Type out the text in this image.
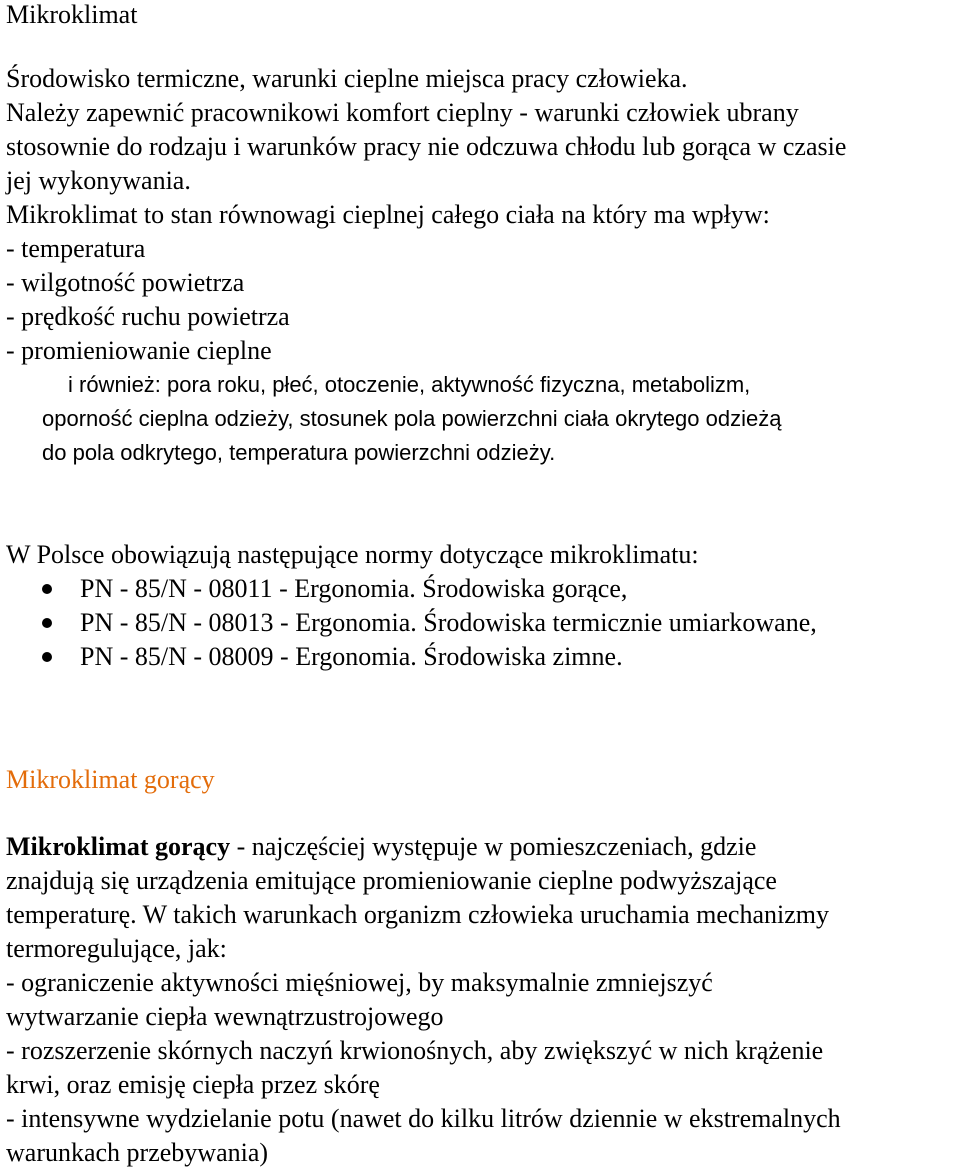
Mikroklimat

Środowisko termiczne, warunki cieplne miejsca pracy człowieka.

Należy zapewnić pracownikowi komfort cieplny - warunki człowiek ubrany

stosownie do rodzaju i warunków pracy nie odczuwa chłodu lub gorąca w czasie

jej wykonywania.

Mikroklimat to stan równowagi cieplnej całego ciała na który ma wpływ:

- temperatura

- wilgotność powietrza

- prędkość ruchu powietrza

- promieniowanie cieplne

i również: pora roku, płeć, otoczenie, aktywność fizyczna, metabolizm,

oporność cieplna odzieży, stosunek pola powierzchni ciała okrytego odzieżą

do pola odkrytego, temperatura powierzchni odzieży.

W Polsce obowiązują następujące normy dotyczące mikroklimatu:

PN - 85/N - 08011 - Ergonomia. Środowiska gorące,
PN - 85/N - 08013 - Ergonomia. Środowiska termicznie umiarkowane,
PN - 85/N - 08009 - Ergonomia. Środowiska zimne.

Mikroklimat gorący

Mikroklimat gorący - najczęściej występuje w pomieszczeniach, gdzie

znajdują się urządzenia emitujące promieniowanie cieplne podwyższające

temperaturę. W takich warunkach organizm człowieka uruchamia mechanizmy

termoregulujące, jak:

- ograniczenie aktywności mięśniowej, by maksymalnie zmniejszyć

wytwarzanie ciepła wewnątrzustrojowego

- rozszerzenie skórnych naczyń krwionośnych, aby zwiększyć w nich krążenie

krwi, oraz emisję ciepła przez skórę

- intensywne wydzielanie potu (nawet do kilku litrów dziennie w ekstremalnych

warunkach przebywania)
